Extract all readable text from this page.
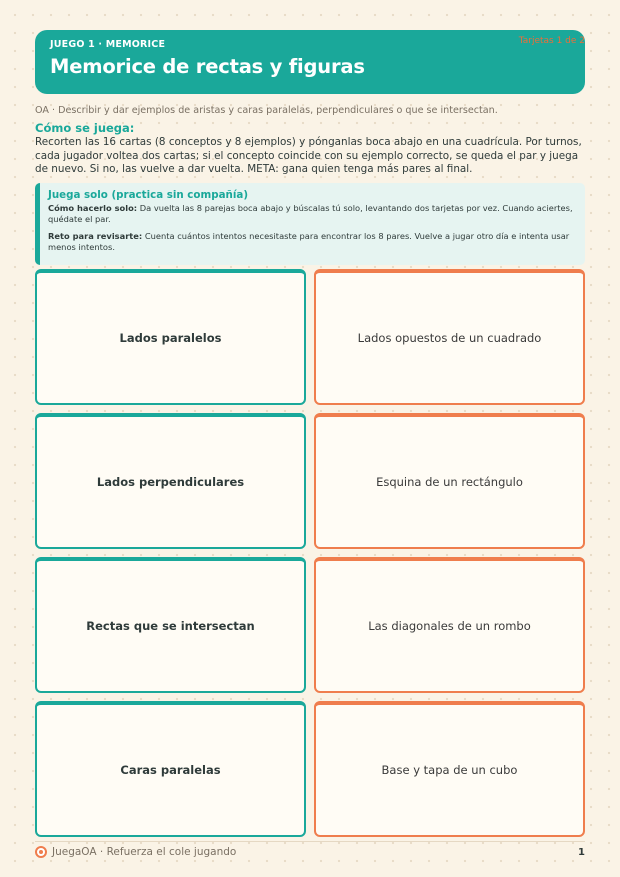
JUEGO 1 · MEMORICE
Memorice de rectas y figuras
Tarjetas 1 de 2
OA · Describir y dar ejemplos de aristas y caras paralelas, perpendiculares o que se intersectan.
Cómo se juega:
Recorten las 16 cartas (8 conceptos y 8 ejemplos) y pónganlas boca abajo en una cuadrícula. Por turnos, cada jugador voltea dos cartas; si el concepto coincide con su ejemplo correcto, se queda el par y juega de nuevo. Si no, las vuelve a dar vuelta. META: gana quien tenga más pares al final.
Juega solo (practica sin compañía)
Cómo hacerlo solo: Da vuelta las 8 parejas boca abajo y búscalas tú solo, levantando dos tarjetas por vez. Cuando aciertes, quédate el par.
Reto para revisarte: Cuenta cuántos intentos necesitaste para encontrar los 8 pares. Vuelve a jugar otro día e intenta usar menos intentos.
Lados paralelos	Lados opuestos de un cuadrado
Lados perpendiculares	Esquina de un rectángulo
Rectas que se intersectan	Las diagonales de un rombo
Caras paralelas	Base y tapa de un cubo
JuegaOA · Refuerza el cole jugando	1
